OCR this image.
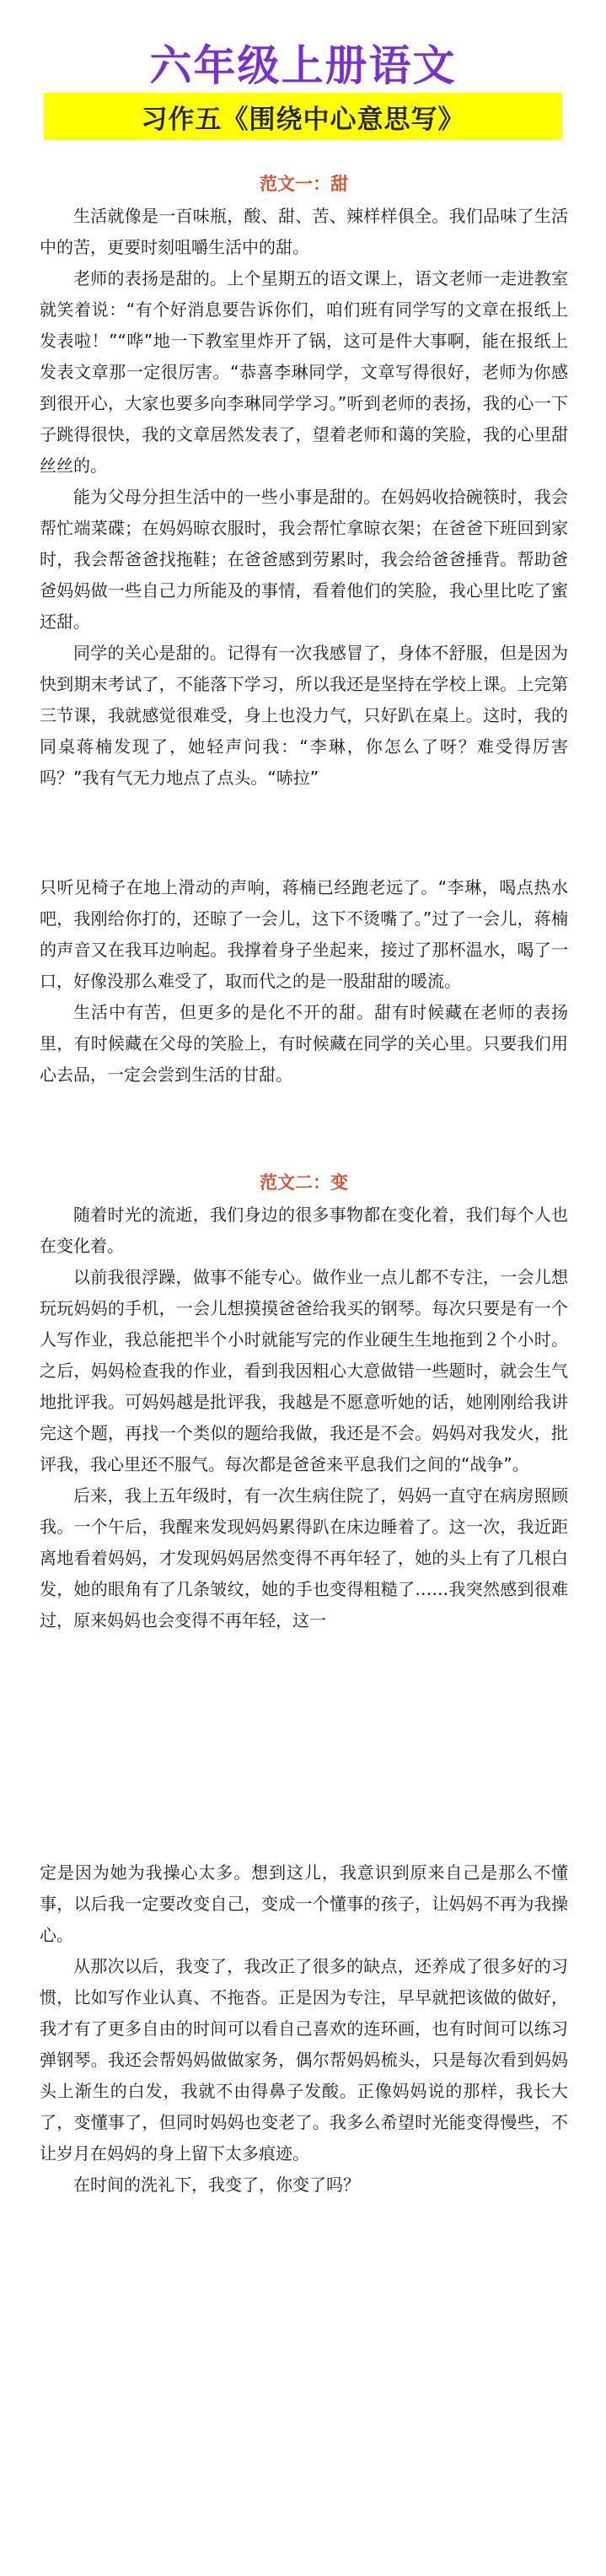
六年级上册语文
习作五《围绕中心意思写》
范文一：甜

生活就像是一百味瓶，酸、甜、苦、辣样样俱全。我们品味了生活中的苦，更要时刻咀嚼生活中的甜。

老师的表扬是甜的。上个星期五的语文课上，语文老师一走进教室就笑着说：“有个好消息要告诉你们，咱们班有同学写的文章在报纸上发表啦！”“哗”地一下教室里炸开了锅，这可是件大事啊，能在报纸上发表文章那一定很厉害。“恭喜李琳同学，文章写得很好，老师为你感到很开心，大家也要多向李琳同学学习。”听到老师的表扬，我的心一下子跳得很快，我的文章居然发表了，望着老师和蔼的笑脸，我的心里甜丝丝的。

能为父母分担生活中的一些小事是甜的。在妈妈收拾碗筷时，我会帮忙端菜碟；在妈妈晾衣服时，我会帮忙拿晾衣架；在爸爸下班回到家时，我会帮爸爸找拖鞋；在爸爸感到劳累时，我会给爸爸捶背。帮助爸爸妈妈做一些自己力所能及的事情，看着他们的笑脸，我心里比吃了蜜还甜。

同学的关心是甜的。记得有一次我感冒了，身体不舒服，但是因为快到期末考试了，不能落下学习，所以我还是坚持在学校上课。上完第三节课，我就感觉很难受，身上也没力气，只好趴在桌上。这时，我的同桌蒋楠发现了，她轻声问我：“李琳，你怎么了呀？难受得厉害吗？”我有气无力地点了点头。“哧拉”

只听见椅子在地上滑动的声响，蒋楠已经跑老远了。“李琳，喝点热水吧，我刚给你打的，还晾了一会儿，这下不烫嘴了。”过了一会儿，蒋楠的声音又在我耳边响起。我撑着身子坐起来，接过了那杯温水，喝了一口，好像没那么难受了，取而代之的是一股甜甜的暖流。

生活中有苦，但更多的是化不开的甜。甜有时候藏在老师的表扬里，有时候藏在父母的笑脸上，有时候藏在同学的关心里。只要我们用心去品，一定会尝到生活的甘甜。

范文二：变

随着时光的流逝，我们身边的很多事物都在变化着，我们每个人也在变化着。

以前我很浮躁，做事不能专心。做作业一点儿都不专注，一会儿想玩玩妈妈的手机，一会儿想摸摸爸爸给我买的钢琴。每次只要是有一个人写作业，我总能把半个小时就能写完的作业硬生生地拖到２个小时。之后，妈妈检查我的作业，看到我因粗心大意做错一些题时，就会生气地批评我。可妈妈越是批评我，我越是不愿意听她的话，她刚刚给我讲完这个题，再找一个类似的题给我做，我还是不会。妈妈对我发火，批评我，我心里还不服气。每次都是爸爸来平息我们之间的“战争”。

后来，我上五年级时，有一次生病住院了，妈妈一直守在病房照顾我。一个午后，我醒来发现妈妈累得趴在床边睡着了。这一次，我近距离地看着妈妈，才发现妈妈居然变得不再年轻了，她的头上有了几根白发，她的眼角有了几条皱纹，她的手也变得粗糙了……我突然感到很难过，原来妈妈也会变得不再年轻，这一

定是因为她为我操心太多。想到这儿，我意识到原来自己是那么不懂事，以后我一定要改变自己，变成一个懂事的孩子，让妈妈不再为我操心。

从那次以后，我变了，我改正了很多的缺点，还养成了很多好的习惯，比如写作业认真、不拖沓。正是因为专注，早早就把该做的做好，我才有了更多自由的时间可以看自己喜欢的连环画，也有时间可以练习弹钢琴。我还会帮妈妈做做家务，偶尔帮妈妈梳头，只是每次看到妈妈头上渐生的白发，我就不由得鼻子发酸。正像妈妈说的那样，我长大了，变懂事了，但同时妈妈也变老了。我多么希望时光能变得慢些，不让岁月在妈妈的身上留下太多痕迹。

在时间的洗礼下，我变了，你变了吗？
